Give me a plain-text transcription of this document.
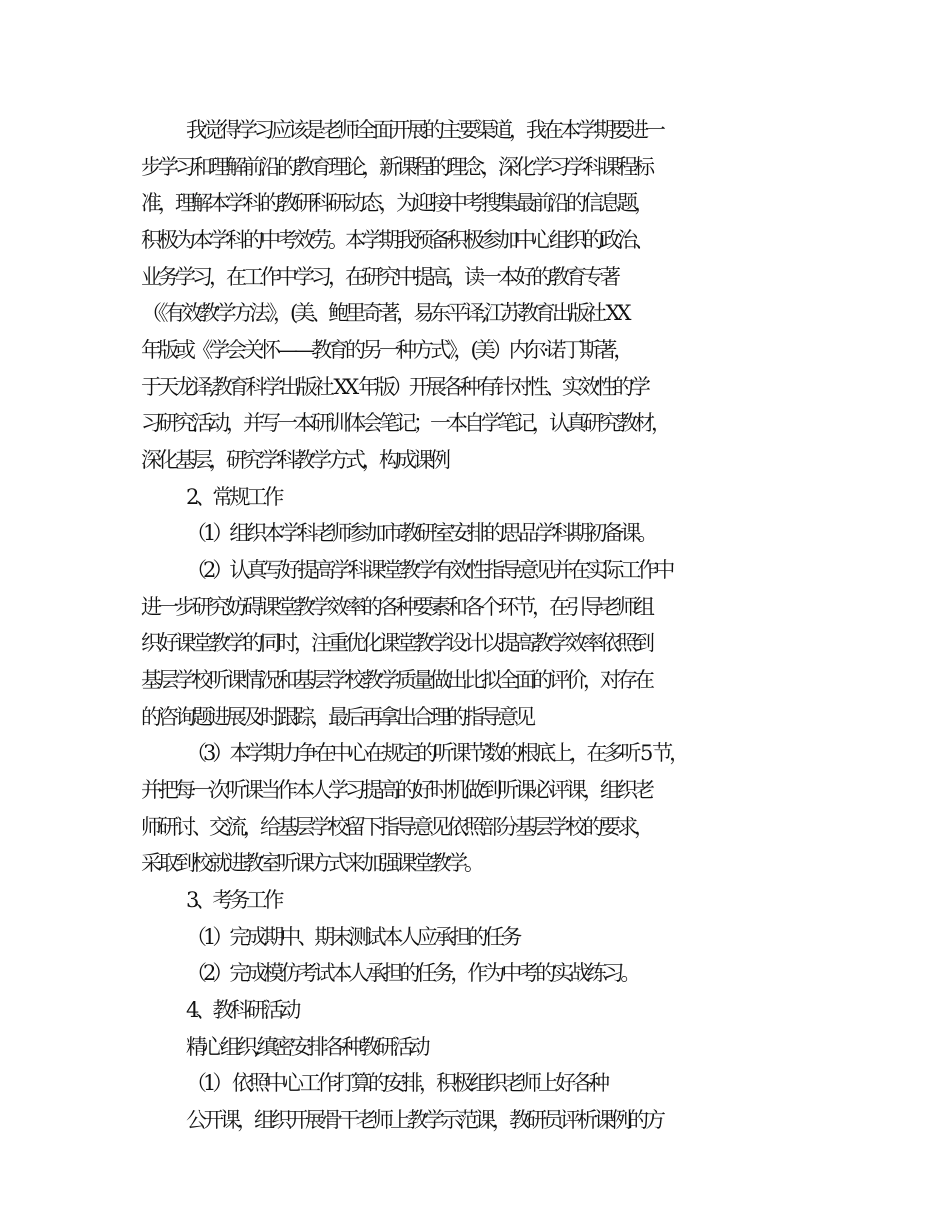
我觉得学习应该是老师全面开展的主要渠道，我在本学期要进一
步学习和理解前沿的教育理论，新课程的理念，深化学习学科课程标
准，理解本学科的教研科研动态，为迎接中考搜集最前沿的信息题，
积极为本学科的中考效劳。本学期我预备积极参加中心组织的政治、
业务学习，在工作中学习，在研究中提高，读一本好的教育专著
（《有效教学方法》，(美、鲍里奇著，易东平译,江苏教育出版社 XX
年版或《学会关怀——教育的另一种方式》，(美）内尔·诺丁斯著，
于天龙译,教育科学出版社 XX 年版）开展各种有针对性、实效性的学
习研究活动，并写一本研训体会笔记；一本自学笔记，认真研究教材，
深化基层，研究学科教学方式，构成课例
2、常规工作
（1）组织本学科老师参加市教研室安排的思品学科期初备课。
（2）认真写好提高学科课堂教学有效性指导意见并在实际工作中
进一步研究妨碍课堂教学效率的各种要素和各个环节，在引导老师组
织好课堂教学的同时，注重优化课堂教学设计以提高教学效率依照到
基层学校听课情况和基层学校教学质量做出比拟全面的评价，对存在
的咨询题进展及时跟踪，最后再拿出合理的指导意见
（3）本学期力争在中心在规定的听课节数的根底上，在多听 5 节，
并把每一次听课当作本人学习提高的好时机做到听课必评课，组织老
师研讨、交流，给基层学校留下指导意见依照部分基层学校的要求，
采取到校就进教室听课方式来加强课堂教学。
3、考务工作
（1）完成期中、期末测试本人应承担的任务
（2）完成模仿考试本人承担的任务，作为中考的实战练习。
4、教科研活动
精心组织,缜密安排各种教研活动
（1） 依照中心工作打算的安排，积极组织老师上好各种
公开课，组织开展骨干老师上教学示范课，教研员评析课例的方
